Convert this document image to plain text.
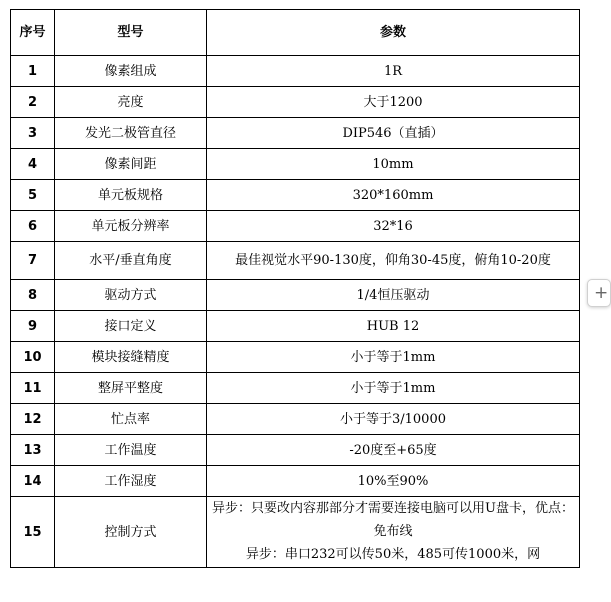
序号	型号	参数
1	像素组成	1R
2	亮度	大于1200
3	发光二极管直径	DIP546（直插）
4	像素间距	10mm
5	单元板规格	320*160mm
6	单元板分辨率	32*16
7	水平/垂直角度	最佳视觉水平90-130度，仰角30-45度，俯角10-20度
8	驱动方式	1/4恒压驱动
9	接口定义	HUB 12
10	模块接缝精度	小于等于1mm
11	整屏平整度	小于等于1mm
12	忙点率	小于等于3/10000
13	工作温度	-20度至+65度
14	工作湿度	10%至90%
15	控制方式	异步：只要改内容那部分才需要连接电脑可以用U盘卡，优点：免布线
异步：串口232可以传50米，485可传1000米，网
+
